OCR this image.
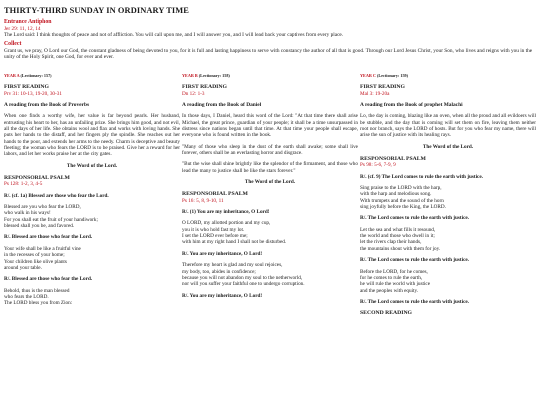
THIRTY-THIRD SUNDAY IN ORDINARY TIME
Entrance Antiphon
Jer 29: 11, 12, 14
The Lord said: I think thoughts of peace and not of affliction. You will call upon me, and I will answer you, and I will lead back your captives from every place.
Collect
Grant us, we pray, O Lord our God, the constant gladness of being devoted to you, for it is full and lasting happiness to serve with constancy the author of all that is good. Through our Lord Jesus Christ, your Son, who lives and reigns with you in the unity of the Holy Spirit, one God, for ever and ever.
YEAR A (Lectionary: 157)
FIRST READING
Prv 31: 10-13, 19-20, 30-31
A reading from the Book of Proverbs

When one finds a worthy wife, her value is far beyond pearls. Her husband, entrusting his heart to her, has an unfailing prize. She brings him good, and not evil, all the days of her life. She obtains wool and flax and works with loving hands. She puts her hands to the distaff, and her fingers ply the spindle. She reaches out her hands to the poor, and extends her arms to the needy. Charm is deceptive and beauty fleeting; the woman who fears the LORD is to be praised. Give her a reward for her labors, and let her works praise her at the city gates.

The Word of the Lord.
RESPONSORIAL PSALM
Ps 128: 1-2, 3, 4-5
R/. (cf. 1a) Blessed are those who fear the Lord.
Blessed are you who fear the LORD,
who walk in his ways!
For you shall eat the fruit of your handiwork;
blessed shall you be, and favored.
R/. Blessed are those who fear the Lord.
Your wife shall be like a fruitful vine
in the recesses of your home;
Your children like olive plants
around your table.
R/. Blessed are those who fear the Lord.
Behold, thus is the man blessed
who fears the LORD.
The LORD bless you from Zion:
YEAR B (Lectionary: 158)
FIRST READING
Dn 12: 1-3
A reading from the Book of Daniel

In those days, I Daniel, heard this word of the Lord: "At that time there shall arise Michael, the great prince, guardian of your people; it shall be a time unsurpassed in distress since nations began until that time. At that time your people shall escape, everyone who is found written in the book.

"Many of those who sleep in the dust of the earth shall awake; some shall live forever, others shall be an everlasting horror and disgrace.

"But the wise shall shine brightly like the splendor of the firmament, and those who lead the many to justice shall be like the stars forever."

The Word of the Lord.
RESPONSORIAL PSALM
Ps 16: 5, 8, 9-10, 11
R/. (1) You are my inheritance, O Lord!
O LORD, my allotted portion and my cup,
you it is who hold fast my lot.
I set the LORD ever before me;
with him at my right hand I shall not be disturbed.
R/. You are my inheritance, O Lord!
Therefore my heart is glad and my soul rejoices,
my body, too, abides in confidence;
because you will not abandon my soul to the netherworld,
nor will you suffer your faithful one to undergo corruption.
R/. You are my inheritance, O Lord!
YEAR C (Lectionary: 159)
FIRST READING
Mal 3: 19-20a
A reading from the Book of prophet Malachi

Lo, the day is coming, blazing like an oven, when all the proud and all evildoers will be stubble, and the day that is coming will set them on fire, leaving them neither root nor branch, says the LORD of hosts. But for you who fear my name, there will arise the sun of justice with its healing rays.

The Word of the Lord.
RESPONSORIAL PSALM
Ps 98: 5-6, 7-9, 9
R/. (cf. 9) The Lord comes to rule the earth with justice.
Sing praise to the LORD with the harp,
with the harp and melodious song.
With trumpets and the sound of the horn
sing joyfully before the King, the LORD.
R/. The Lord comes to rule the earth with justice.
Let the sea and what fills it resound,
the world and those who dwell in it;
let the rivers clap their hands,
the mountains shout with them for joy.
R/. The Lord comes to rule the earth with justice.
Before the LORD, for he comes,
for he comes to rule the earth,
he will rule the world with justice
and the peoples with equity.
R/. The Lord comes to rule the earth with justice.
SECOND READING
